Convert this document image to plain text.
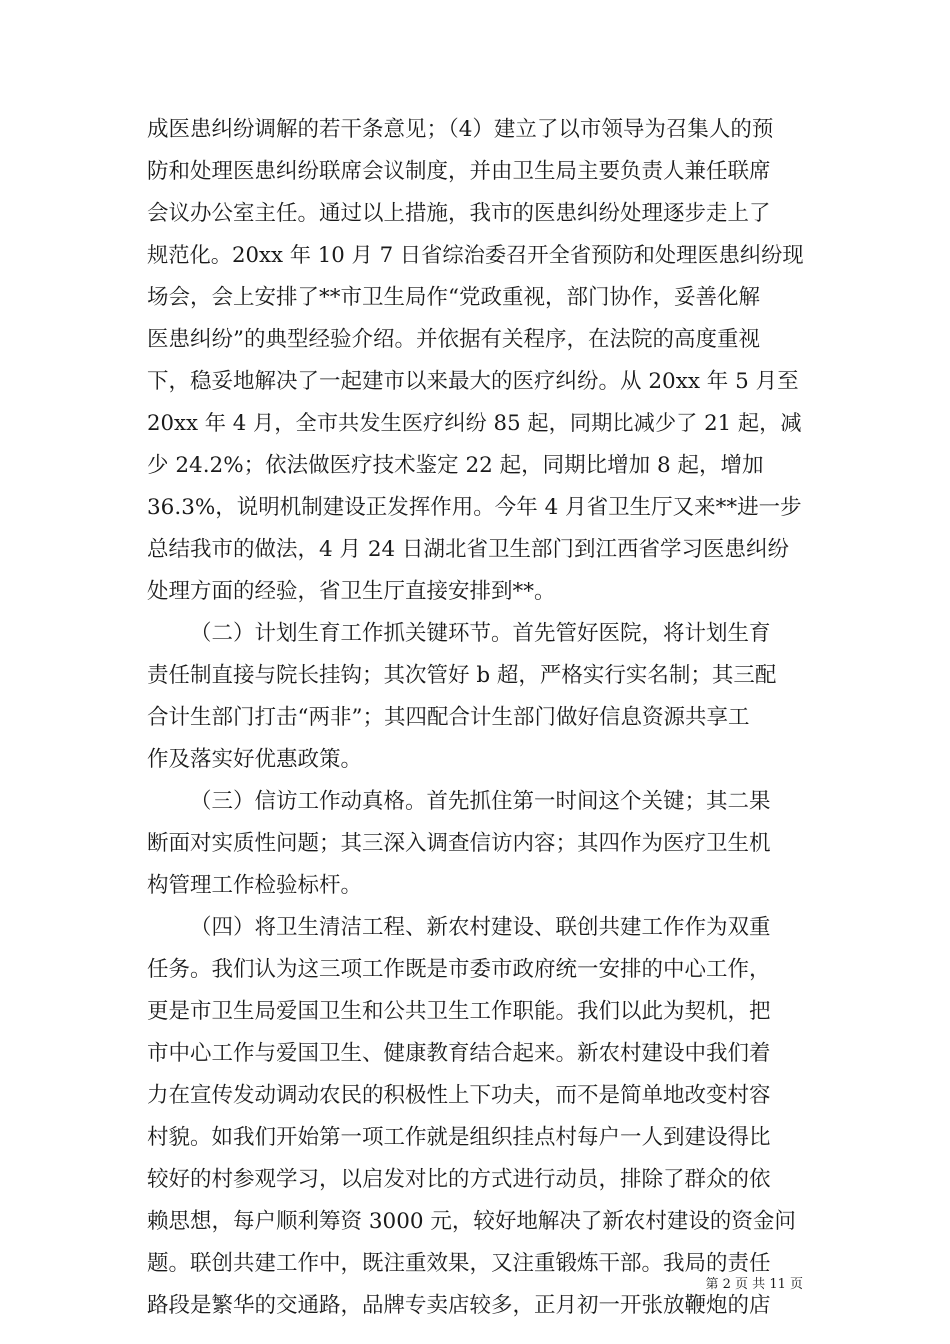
成医患纠纷调解的若干条意见；（4）建立了以市领导为召集人的预
防和处理医患纠纷联席会议制度，并由卫生局主要负责人兼任联席
会议办公室主任。通过以上措施，我市的医患纠纷处理逐步走上了
规范化。20xx 年 10 月 7 日省综治委召开全省预防和处理医患纠纷现
场会，会上安排了**市卫生局作“党政重视，部门协作，妥善化解
医患纠纷”的典型经验介绍。并依据有关程序，在法院的高度重视
下，稳妥地解决了一起建市以来最大的医疗纠纷。从 20xx 年 5 月至
20xx 年 4 月，全市共发生医疗纠纷 85 起，同期比减少了 21 起，减
少 24.2%；依法做医疗技术鉴定 22 起，同期比增加 8 起，增加
36.3%，说明机制建设正发挥作用。今年 4 月省卫生厅又来**进一步
总结我市的做法，4 月 24 日湖北省卫生部门到江西省学习医患纠纷
处理方面的经验，省卫生厅直接安排到**。
（二）计划生育工作抓关键环节。首先管好医院，将计划生育
责任制直接与院长挂钩；其次管好 b 超，严格实行实名制；其三配
合计生部门打击“两非”；其四配合计生部门做好信息资源共享工
作及落实好优惠政策。
（三）信访工作动真格。首先抓住第一时间这个关键；其二果
断面对实质性问题；其三深入调查信访内容；其四作为医疗卫生机
构管理工作检验标杆。
（四）将卫生清洁工程、新农村建设、联创共建工作作为双重
任务。我们认为这三项工作既是市委市政府统一安排的中心工作，
更是市卫生局爱国卫生和公共卫生工作职能。我们以此为契机，把
市中心工作与爱国卫生、健康教育结合起来。新农村建设中我们着
力在宣传发动调动农民的积极性上下功夫，而不是简单地改变村容
村貌。如我们开始第一项工作就是组织挂点村每户一人到建设得比
较好的村参观学习，以启发对比的方式进行动员，排除了群众的依
赖思想，每户顺利筹资 3000 元，较好地解决了新农村建设的资金问
题。联创共建工作中，既注重效果，又注重锻炼干部。我局的责任
路段是繁华的交通路，品牌专卖店较多，正月初一开张放鞭炮的店
第 2 页 共 11 页
